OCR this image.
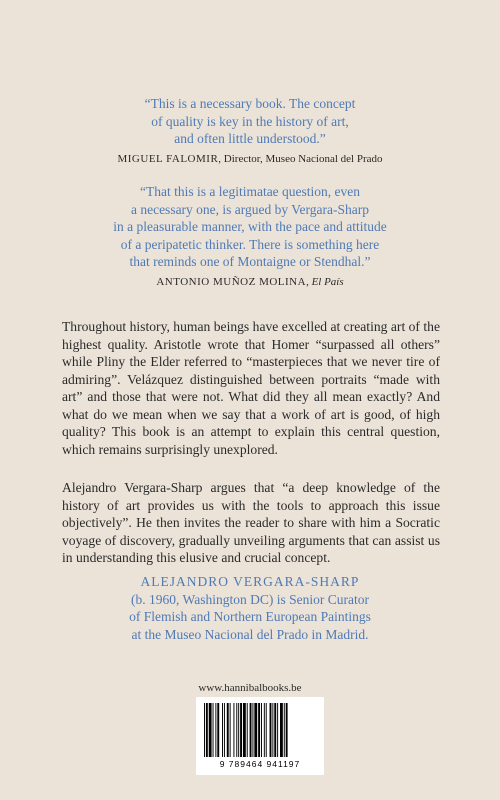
“This is a necessary book. The concept
of quality is key in the history of art,
and often little understood.”
MIGUEL FALOMIR, Director, Museo Nacional del Prado
“That this is a legitimatae question, even
a necessary one, is argued by Vergara-Sharp
in a pleasurable manner, with the pace and attitude
of a peripatetic thinker. There is something here
that reminds one of Montaigne or Stendhal.”
ANTONIO MUÑOZ MOLINA, El País
Throughout history, human beings have excelled at creating art of the highest quality. Aristotle wrote that Homer “surpassed all others” while Pliny the Elder referred to “masterpieces that we never tire of admiring”. Velázquez distinguished between portraits “made with art” and those that were not. What did they all mean exactly? And what do we mean when we say that a work of art is good, of high quality? This book is an attempt to explain this central question, which remains surprisingly unexplored.
Alejandro Vergara-Sharp argues that “a deep knowledge of the history of art provides us with the tools to approach this issue objectively”. He then invites the reader to share with him a Socratic voyage of discovery, gradually unveiling arguments that can assist us in understanding this elusive and crucial concept.
ALEJANDRO VERGARA-SHARP
(b. 1960, Washington DC) is Senior Curator
of Flemish and Northern European Paintings
at the Museo Nacional del Prado in Madrid.
www.hannibalbooks.be
9 789464 941197
